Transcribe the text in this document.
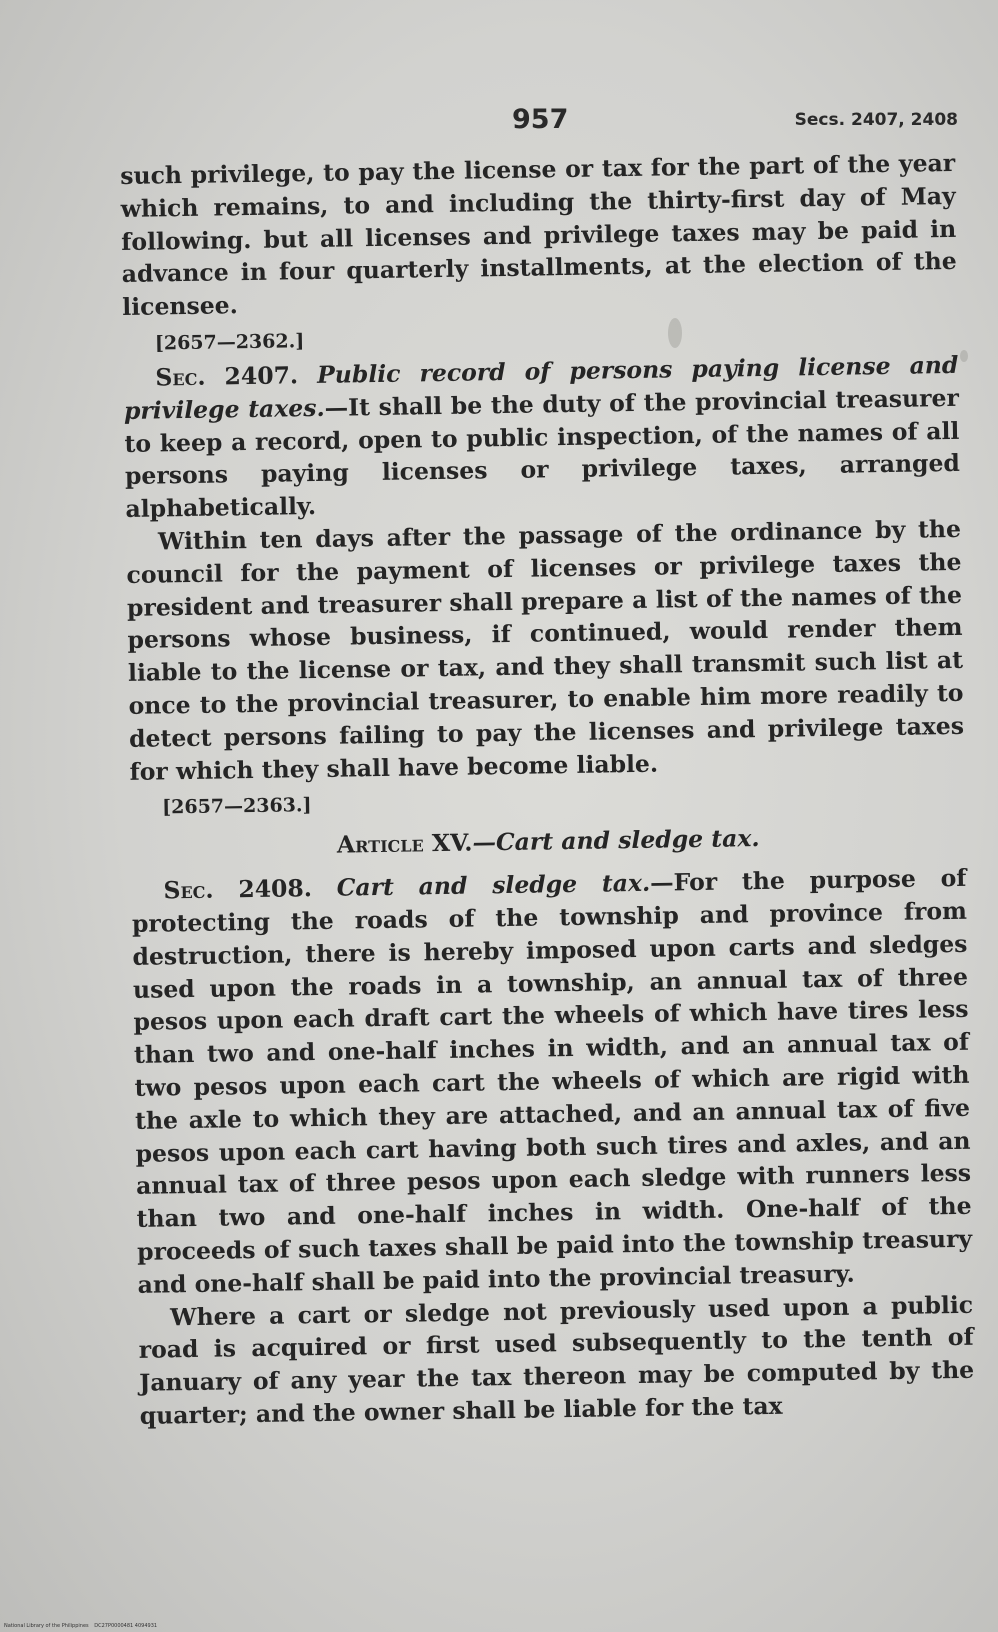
957	Secs. 2407, 2408

such privilege, to pay the license or tax for the part of the year which remains, to and including the thirty-first day of May following. but all licenses and privilege taxes may be paid in advance in four quarterly installments, at the election of the licensee.

[2657—2362.]

Sec. 2407. Public record of persons paying license and privilege taxes.—It shall be the duty of the provincial treasurer to keep a record, open to public inspection, of the names of all persons paying licenses or privilege taxes, arranged alphabetically.

Within ten days after the passage of the ordinance by the council for the payment of licenses or privilege taxes the president and treasurer shall prepare a list of the names of the persons whose business, if continued, would render them liable to the license or tax, and they shall transmit such list at once to the provincial treasurer, to enable him more readily to detect persons failing to pay the licenses and privilege taxes for which they shall have become liable.

[2657—2363.]

Article XV.—Cart and sledge tax.

Sec. 2408. Cart and sledge tax.—For the purpose of protecting the roads of the township and province from destruction, there is hereby imposed upon carts and sledges used upon the roads in a township, an annual tax of three pesos upon each draft cart the wheels of which have tires less than two and one-half inches in width, and an annual tax of two pesos upon each cart the wheels of which are rigid with the axle to which they are attached, and an annual tax of five pesos upon each cart having both such tires and axles, and an annual tax of three pesos upon each sledge with runners less than two and one-half inches in width. One-half of the proceeds of such taxes shall be paid into the township treasury and one-half shall be paid into the provincial treasury.

Where a cart or sledge not previously used upon a public road is acquired or first used subsequently to the tenth of January of any year the tax thereon may be computed by the quarter; and the owner shall be liable for the tax

National Library of the Philippines DC27P0000481 4094931
